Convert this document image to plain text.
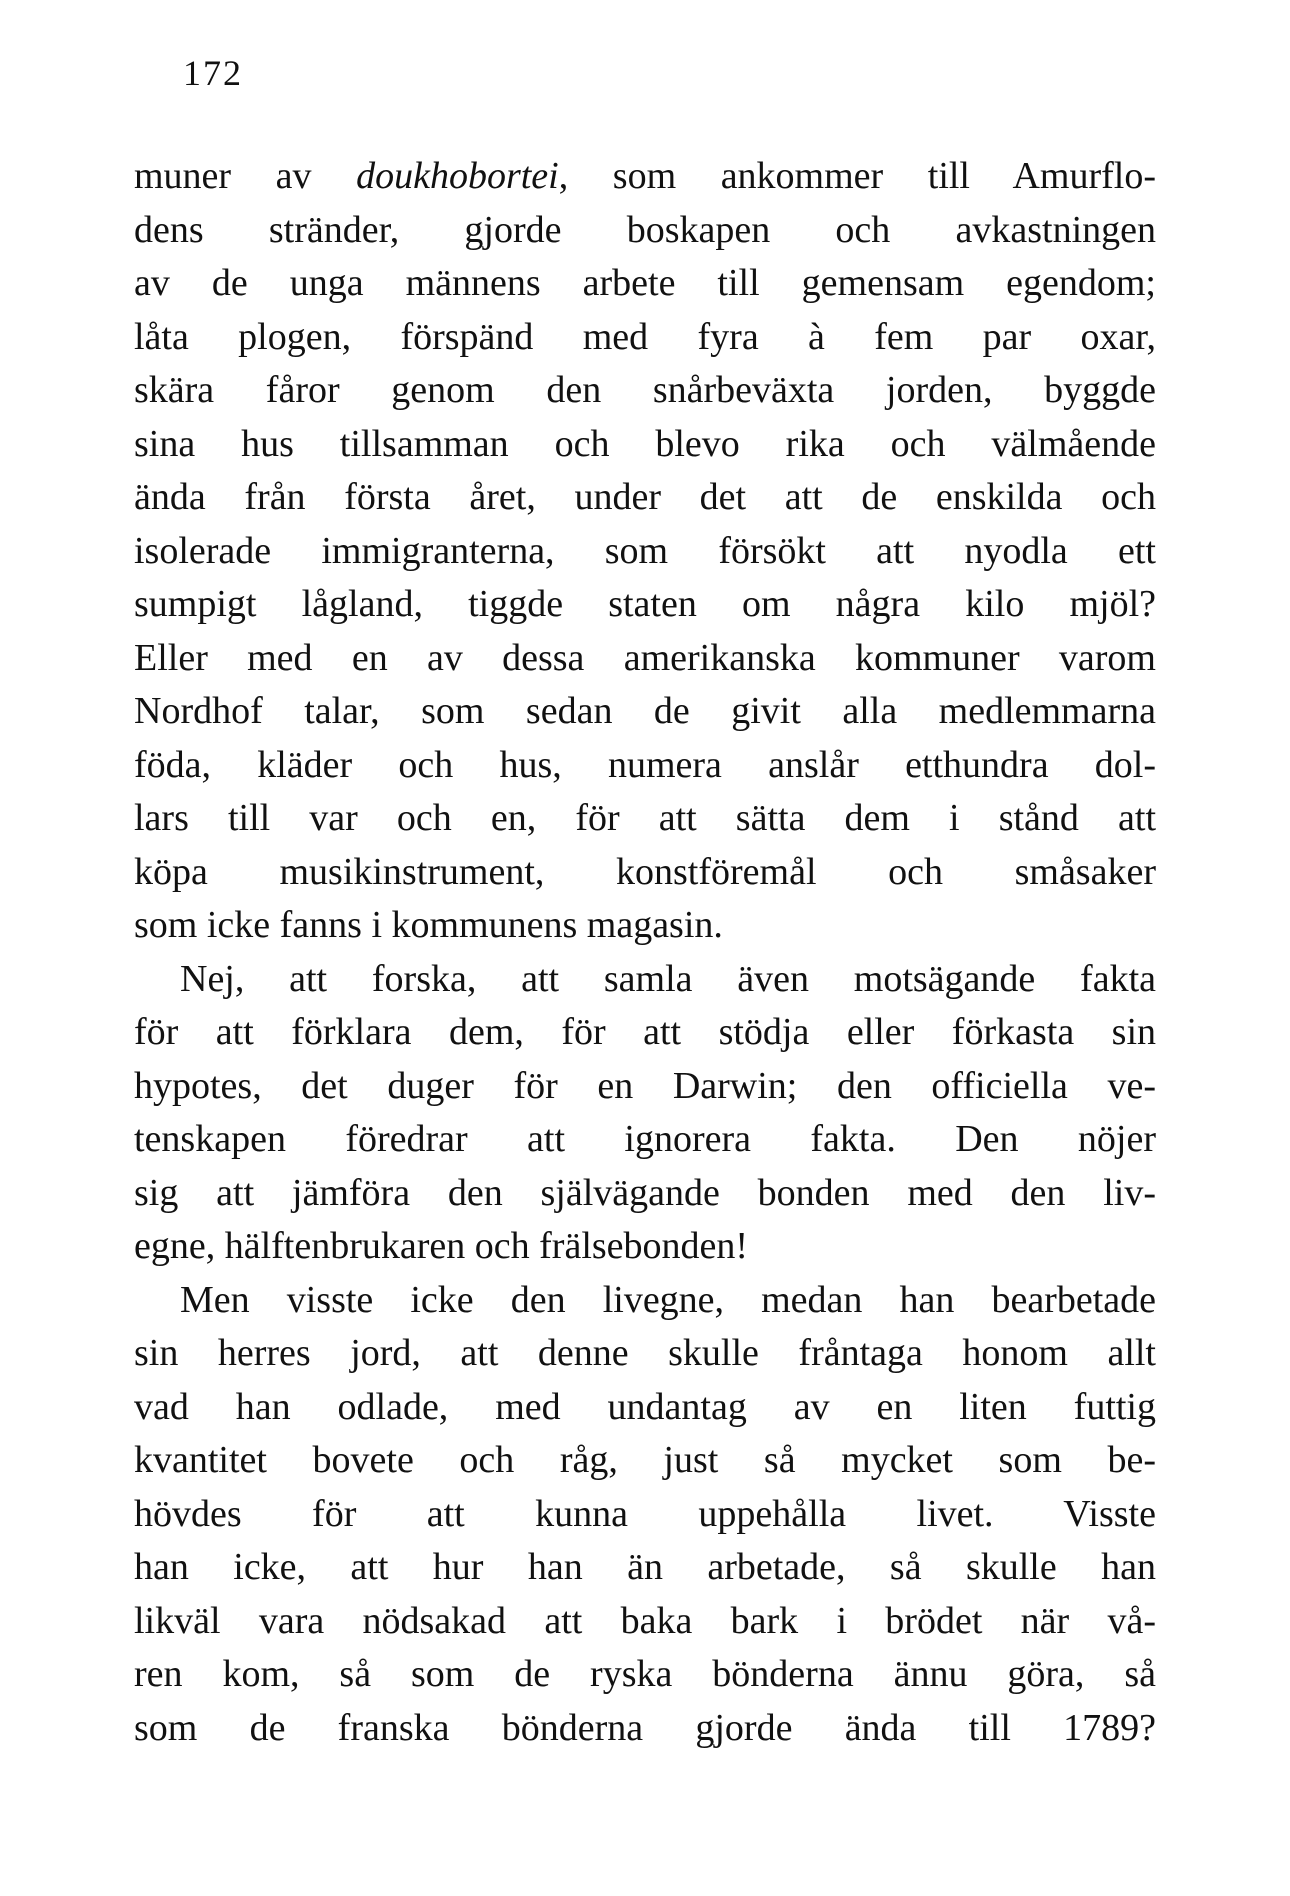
172
muner av doukhobortei, som ankommer till Amurflo-
dens stränder, gjorde boskapen och avkastningen
av de unga männens arbete till gemensam egendom;
låta plogen, förspänd med fyra à fem par oxar,
skära fåror genom den snårbeväxta jorden, byggde
sina hus tillsamman och blevo rika och välmående
ända från första året, under det att de enskilda och
isolerade immigranterna, som försökt att nyodla ett
sumpigt lågland, tiggde staten om några kilo mjöl?
Eller med en av dessa amerikanska kommuner varom
Nordhof talar, som sedan de givit alla medlemmarna
föda, kläder och hus, numera anslår etthundra dol-
lars till var och en, för att sätta dem i stånd att
köpa musikinstrument, konstföremål och småsaker
som icke fanns i kommunens magasin.
Nej, att forska, att samla även motsägande fakta
för att förklara dem, för att stödja eller förkasta sin
hypotes, det duger för en Darwin; den officiella ve-
tenskapen föredrar att ignorera fakta. Den nöjer
sig att jämföra den självägande bonden med den liv-
egne, hälftenbrukaren och frälsebonden!
Men visste icke den livegne, medan han bearbetade
sin herres jord, att denne skulle fråntaga honom allt
vad han odlade, med undantag av en liten futtig
kvantitet bovete och råg, just så mycket som be-
hövdes för att kunna uppehålla livet. Visste
han icke, att hur han än arbetade, så skulle han
likväl vara nödsakad att baka bark i brödet när vå-
ren kom, så som de ryska bönderna ännu göra, så
som de franska bönderna gjorde ända till 1789?
